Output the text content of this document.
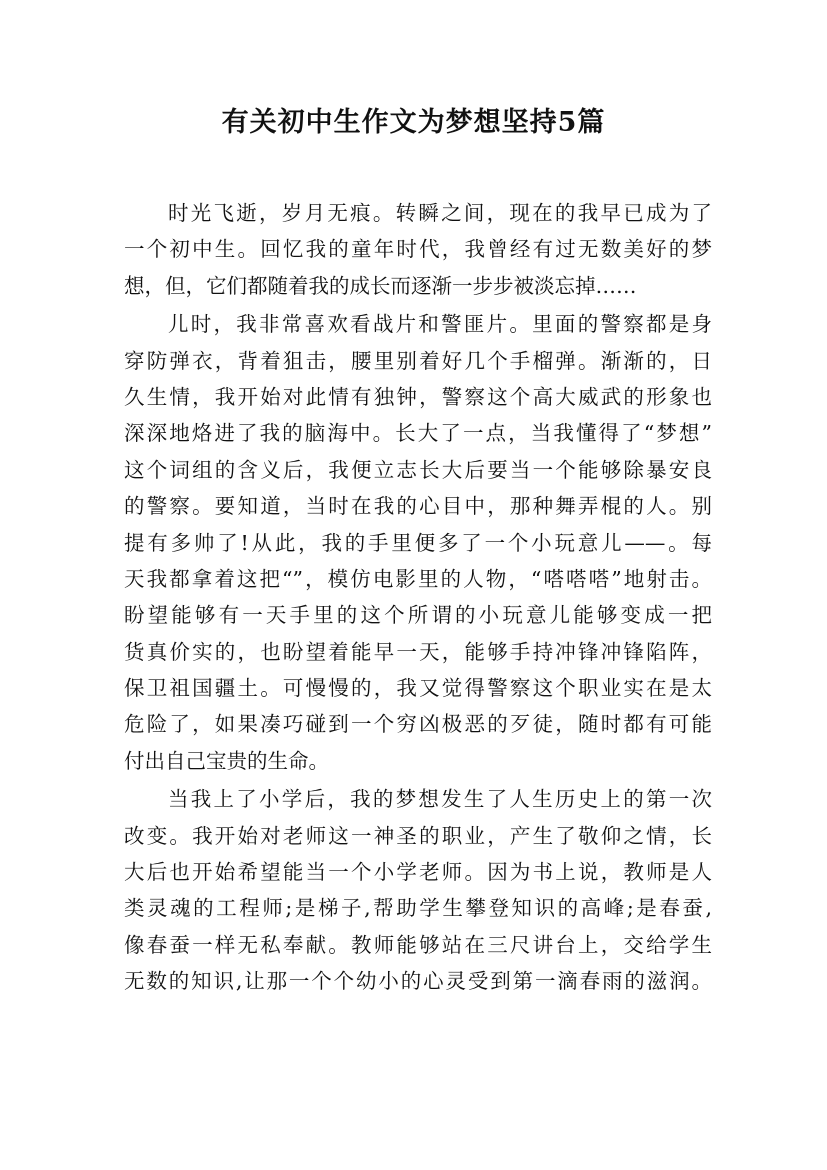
有关初中生作文为梦想坚持5篇
时光飞逝，岁月无痕。转瞬之间，现在的我早已成为了
一个初中生。回忆我的童年时代，我曾经有过无数美好的梦
想，但，它们都随着我的成长而逐渐一步步被淡忘掉……
儿时，我非常喜欢看战片和警匪片。里面的警察都是身
穿防弹衣，背着狙击，腰里别着好几个手榴弹。渐渐的，日
久生情，我开始对此情有独钟，警察这个高大威武的形象也
深深地烙进了我的脑海中。长大了一点，当我懂得了“梦想”
这个词组的含义后，我便立志长大后要当一个能够除暴安良
的警察。要知道，当时在我的心目中，那种舞弄棍的人。别
提有多帅了!从此，我的手里便多了一个小玩意儿——。每
天我都拿着这把“”，模仿电影里的人物，“嗒嗒嗒”地射击。
盼望能够有一天手里的这个所谓的小玩意儿能够变成一把
货真价实的，也盼望着能早一天，能够手持冲锋冲锋陷阵，
保卫祖国疆土。可慢慢的，我又觉得警察这个职业实在是太
危险了，如果凑巧碰到一个穷凶极恶的歹徒，随时都有可能
付出自己宝贵的生命。
当我上了小学后，我的梦想发生了人生历史上的第一次
改变。我开始对老师这一神圣的职业，产生了敬仰之情，长
大后也开始希望能当一个小学老师。因为书上说，教师是人
类灵魂的工程师;是梯子,帮助学生攀登知识的高峰;是春蚕,
像春蚕一样无私奉献。教师能够站在三尺讲台上，交给学生
无数的知识,让那一个个幼小的心灵受到第一滴春雨的滋润。
